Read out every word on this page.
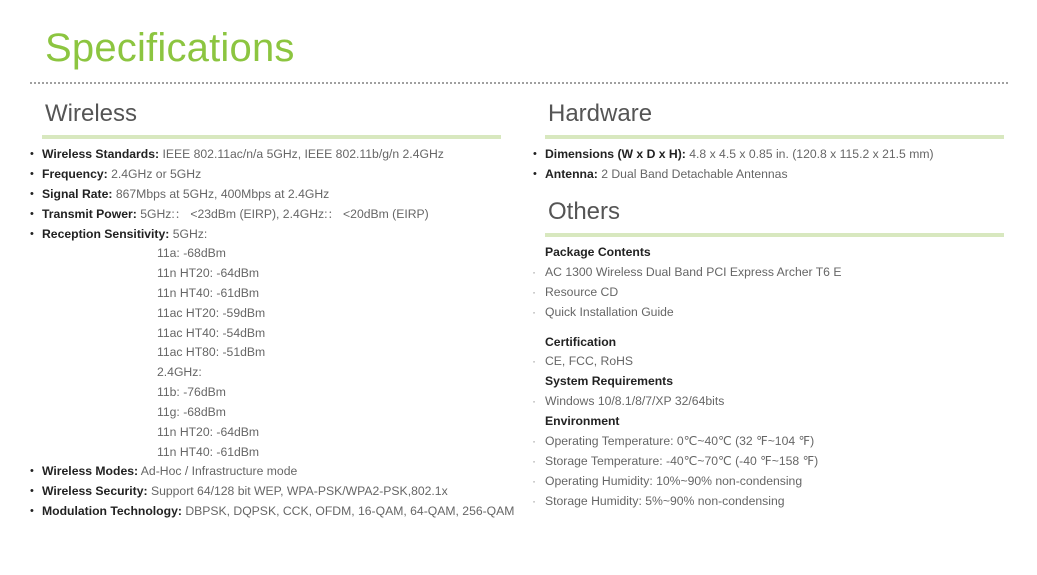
Specifications
Wireless
• Wireless Standards: IEEE 802.11ac/n/a 5GHz, IEEE 802.11b/g/n 2.4GHz
• Frequency: 2.4GHz or 5GHz
• Signal Rate: 867Mbps at 5GHz, 400Mbps at 2.4GHz
• Transmit Power: 5GHz:： <23dBm (EIRP), 2.4GHz:： <20dBm (EIRP)
• Reception Sensitivity: 5GHz:
11a: -68dBm
11n HT20: -64dBm
11n HT40: -61dBm
11ac HT20: -59dBm
11ac HT40: -54dBm
11ac HT80: -51dBm
2.4GHz:
11b: -76dBm
11g: -68dBm
11n HT20: -64dBm
11n HT40: -61dBm
• Wireless Modes: Ad-Hoc / Infrastructure mode
• Wireless Security: Support 64/128 bit WEP, WPA-PSK/WPA2-PSK,802.1x
• Modulation Technology: DBPSK, DQPSK, CCK, OFDM, 16-QAM, 64-QAM, 256-QAM
Hardware
• Dimensions (W x D x H): 4.8 x 4.5 x 0.85 in. (120.8 x 115.2 x 21.5 mm)
• Antenna: 2 Dual Band Detachable Antennas
Others
Package Contents
· AC 1300 Wireless Dual Band PCI Express Archer T6 E
· Resource CD
· Quick Installation Guide
Certification
· CE, FCC, RoHS
System Requirements
· Windows 10/8.1/8/7/XP 32/64bits
Environment
· Operating Temperature: 0℃~40℃ (32 ℉~104 ℉)
· Storage Temperature: -40℃~70℃ (-40 ℉~158 ℉)
· Operating Humidity: 10%~90% non-condensing
· Storage Humidity: 5%~90% non-condensing
